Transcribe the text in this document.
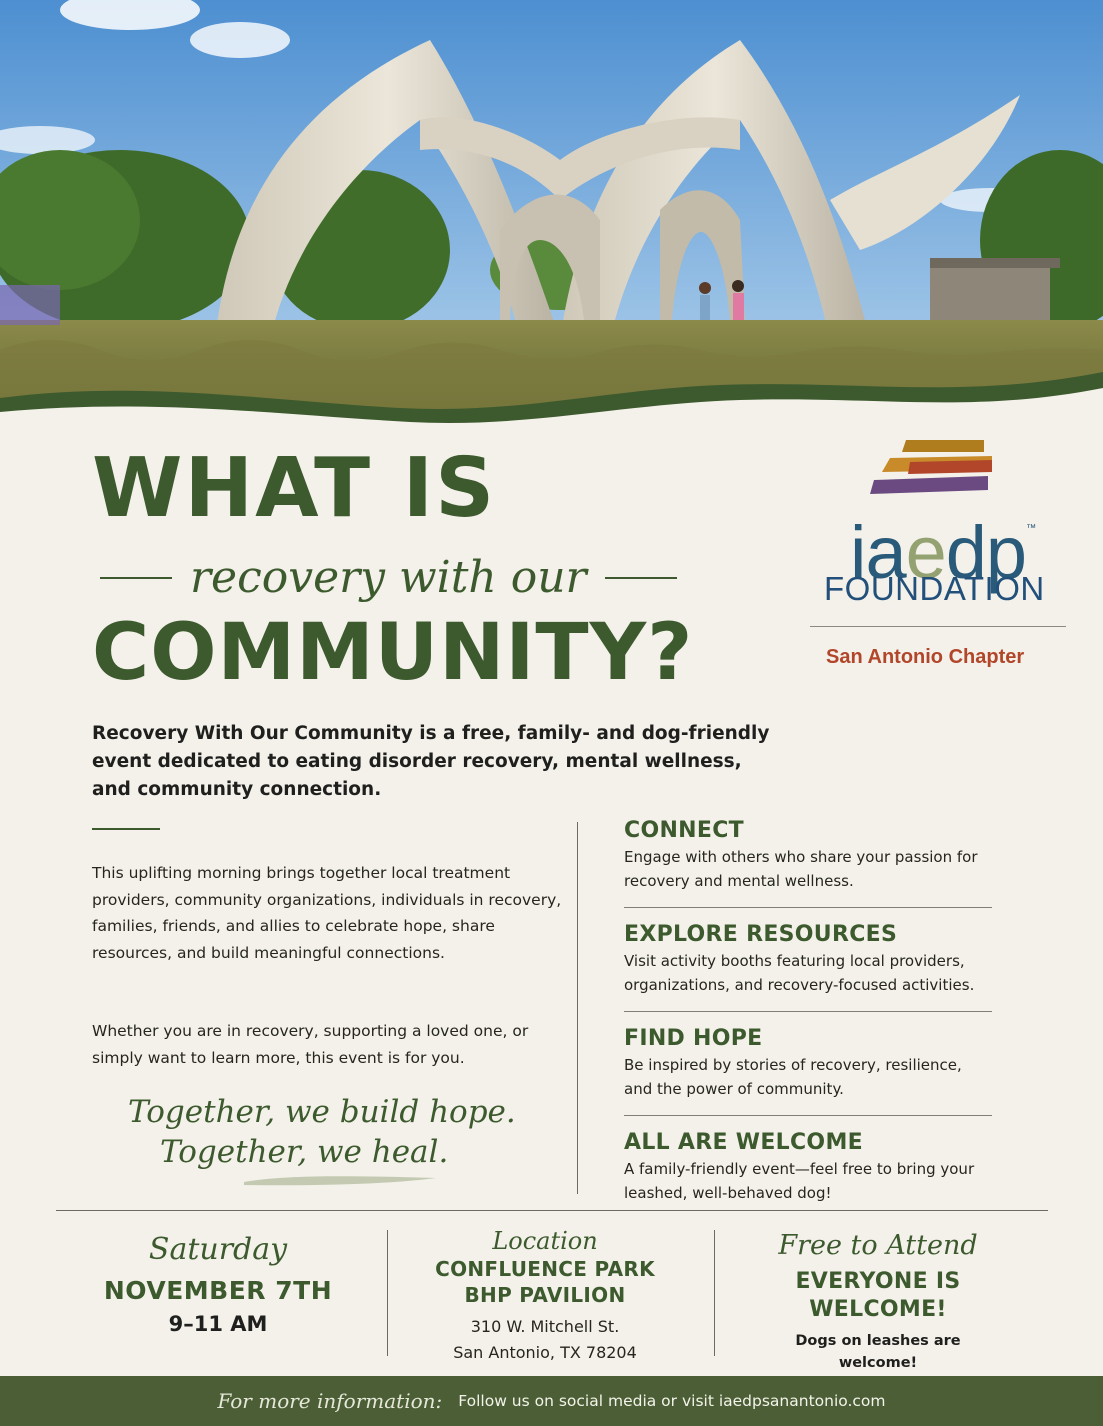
WHAT IS
recovery with our
COMMUNITY?
iaedp™
FOUNDATION
San Antonio Chapter
Recovery With Our Community is a free, family- and dog-friendly event dedicated to eating disorder recovery, mental wellness, and community connection.
This uplifting morning brings together local treatment providers, community organizations, individuals in recovery, families, friends, and allies to celebrate hope, share resources, and build meaningful connections.
Whether you are in recovery, supporting a loved one, or simply want to learn more, this event is for you.
Together, we build hope.
Together, we heal.
CONNECT

Engage with others who share your passion for recovery and mental wellness.

EXPLORE RESOURCES

Visit activity booths featuring local providers, organizations, and recovery-focused activities.

FIND HOPE

Be inspired by stories of recovery, resilience, and the power of community.

ALL ARE WELCOME

A family-friendly event—feel free to bring your leashed, well-behaved dog!

Saturday
NOVEMBER 7TH
9–11 AM
Location
CONFLUENCE PARK
BHP PAVILION
310 W. Mitchell St.
San Antonio, TX 78204
Free to Attend
EVERYONE IS
WELCOME!
Dogs on leashes are welcome!
For more information: Follow us on social media or visit iaedpsanantonio.com
